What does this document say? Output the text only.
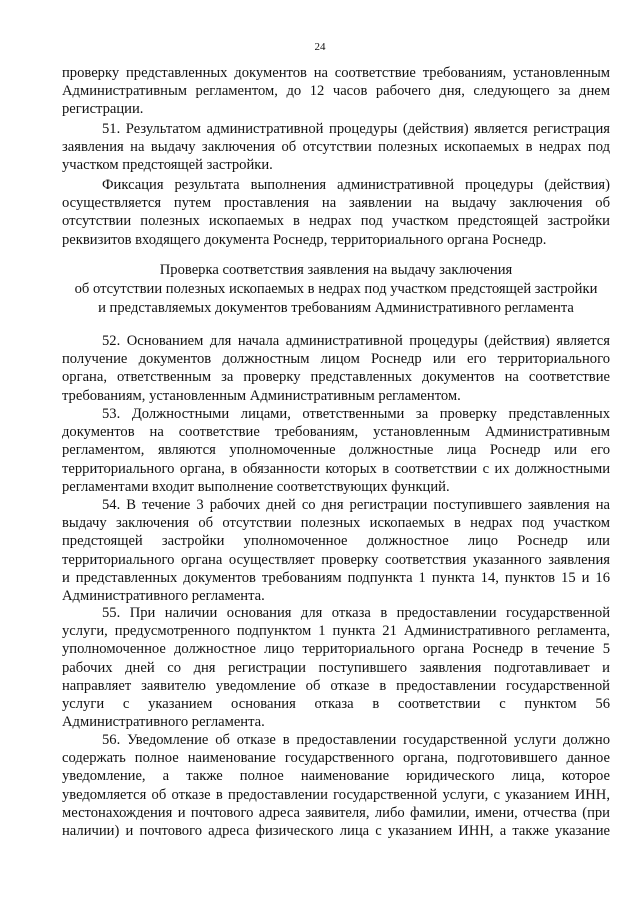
24
проверку представленных документов на соответствие требованиям, установленным
Административным регламентом, до 12 часов рабочего дня, следующего за днем
регистрации.
51. Результатом административной процедуры (действия) является регистрация
заявления на выдачу заключения об отсутствии полезных ископаемых в недрах под
участком предстоящей застройки.
Фиксация результата выполнения административной процедуры (действия)
осуществляется путем проставления на заявлении на выдачу заключения об
отсутствии полезных ископаемых в недрах под участком предстоящей застройки
реквизитов входящего документа Роснедр, территориального органа Роснедр.
Проверка соответствия заявления на выдачу заключения
об отсутствии полезных ископаемых в недрах под участком предстоящей застройки
и представляемых документов требованиям Административного регламента
52. Основанием для начала административной процедуры (действия) является
получение документов должностным лицом Роснедр или его территориального
органа, ответственным за проверку представленных документов на соответствие
требованиям, установленным Административным регламентом.
53. Должностными лицами, ответственными за проверку представленных
документов на соответствие требованиям, установленным Административным
регламентом, являются уполномоченные должностные лица Роснедр или его
территориального органа, в обязанности которых в соответствии с их должностными
регламентами входит выполнение соответствующих функций.
54. В течение 3 рабочих дней со дня регистрации поступившего заявления на
выдачу заключения об отсутствии полезных ископаемых в недрах под участком
предстоящей застройки уполномоченное должностное лицо Роснедр или
территориального органа осуществляет проверку соответствия указанного заявления
и представленных документов требованиям подпункта 1 пункта 14, пунктов 15 и 16
Административного регламента.
55. При наличии основания для отказа в предоставлении государственной
услуги, предусмотренного подпунктом 1 пункта 21 Административного регламента,
уполномоченное должностное лицо территориального органа Роснедр в течение 5
рабочих дней со дня регистрации поступившего заявления подготавливает и
направляет заявителю уведомление об отказе в предоставлении государственной
услуги с указанием основания отказа в соответствии с пунктом 56
Административного регламента.
56. Уведомление об отказе в предоставлении государственной услуги должно
содержать полное наименование государственного органа, подготовившего данное
уведомление, а также полное наименование юридического лица, которое
уведомляется об отказе в предоставлении государственной услуги, с указанием ИНН,
местонахождения и почтового адреса заявителя, либо фамилии, имени, отчества (при
наличии) и почтового адреса физического лица с указанием ИНН, а также указание
